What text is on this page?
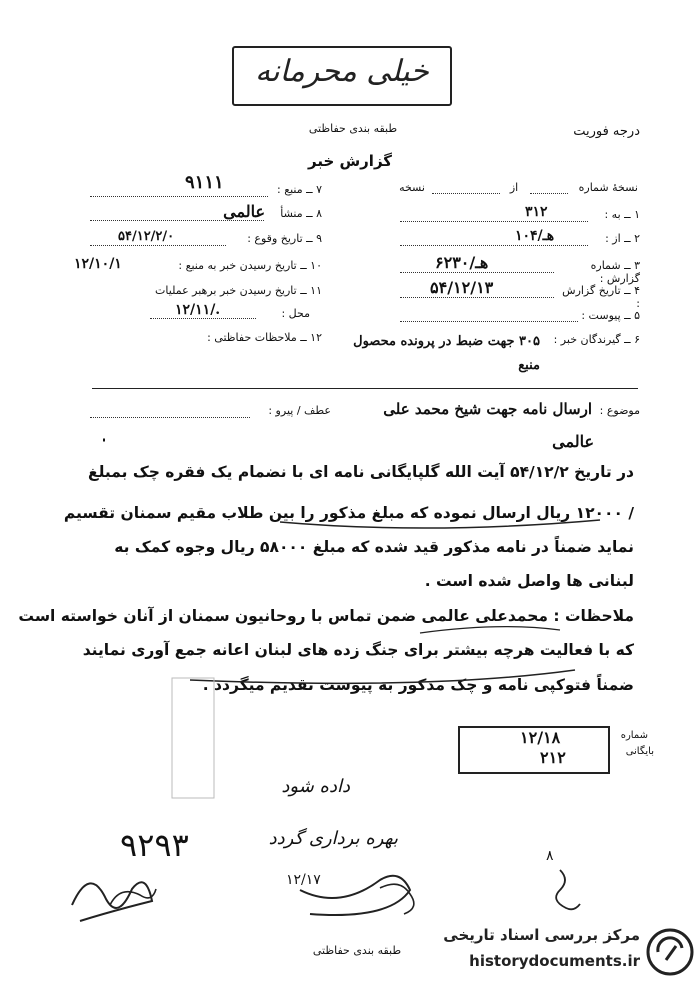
خیلی محرمانه
طبقه بندی حفاظتی	درجه فوریت
گزارش خبر
۷ ــ منبع :
۹۱۱۱
۸ ــ منشأ
عالمی
۹ ــ تاریخ وقوع :
۵۴/۱۲/۲/۰
۱۰ ــ تاریخ رسیدن خبر به منبع :
۱۲/۱۰/۱
۱۱ ــ تاریخ رسیدن خبر برهبر عملیات
محل :
۱۲/۱۱/.
۱۲ ــ ملاحظات حفاظتی :
نسخهٔ شماره
از
نسخه
۱ ــ به :
۳۱۲
۲ ــ از :
۱۰۴/هـ
۳ ــ شماره گزارش :
۶۲۳۰/هـ
۴ ــ تاریخ گزارش :
۵۴/۱۲/۱۳
۵ ــ پیوست :
۶ ــ گیرندگان خبر :
۳۰۵ جهت ضبط در پرونده محصول منبع
موضوع :
ارسال نامه جهت شیخ محمد علی
عطف / پیرو :
عالمی
در تاریخ ۵۴/۱۲/۲ آیت الله گلپایگانی نامه ای با نضمام یک فقره چک بمبلغ
/ ۱۲۰۰۰ ریال ارسال نموده که مبلغ مذکور را بین طلاب مقیم سمنان تقسیم
نماید ضمناً در نامه مذکور قید شده که مبلغ ۵۸۰۰۰ ریال وجوه کمک به
لبنانی ها واصل شده است .
ملاحظات : محمدعلی عالمی ضمن تماس با روحانیون سمنان از آنان خواسته است
که با فعالیت هرچه بیشتر برای جنگ زده های لبنان اعانه جمع آوری نمایند
ضمناً فتوکپی نامه و چک مذکور به پیوست تقدیم میگردد .
شماره
بایگانی
۱۲/۱۸
۲۱۲
داده شود
بهره برداری گردد
۹۲۹۳
۱۲/۱۷
۸
طبقه بندی حفاظتی
مرکز بررسی اسناد تاریخی
historydocuments.ir
